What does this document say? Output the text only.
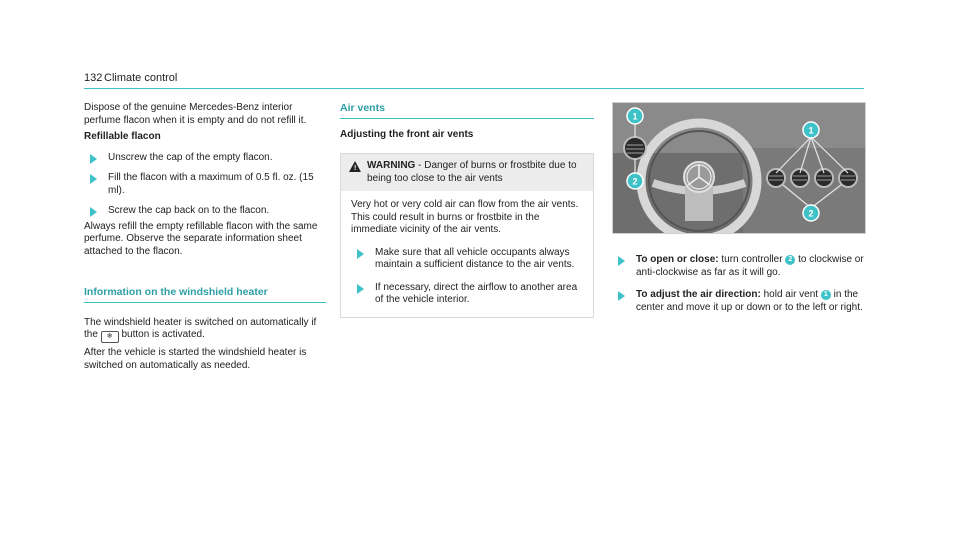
132 Climate control

Dispose of the genuine Mercedes-Benz interior perfume flacon when it is empty and do not refill it.

Refillable flacon

Unscrew the cap of the empty flacon.

Fill the flacon with a maximum of 0.5 fl. oz. (15 ml).

Screw the cap back on to the flacon.

Always refill the empty refillable flacon with the same perfume. Observe the separate information sheet attached to the flacon.

Information on the windshield heater

The windshield heater is switched on automatically if the ❄ button is activated.

After the vehicle is started the windshield heater is switched on automatically as needed.

Air vents

Adjusting the front air vents

! WARNING - Danger of burns or frostbite due to being too close to the air vents

Very hot or very cold air can flow from the air vents.

This could result in burns or frostbite in the immediate vicinity of the air vents.

Make sure that all vehicle occupants always maintain a sufficient distance to the air vents.

If necessary, direct the airflow to another area of the vehicle interior.

1
2
1
2

To open or close: turn controller 2 to clockwise or anti-clockwise as far as it will go.

To adjust the air direction: hold air vent 1 in the center and move it up or down or to the left or right.
